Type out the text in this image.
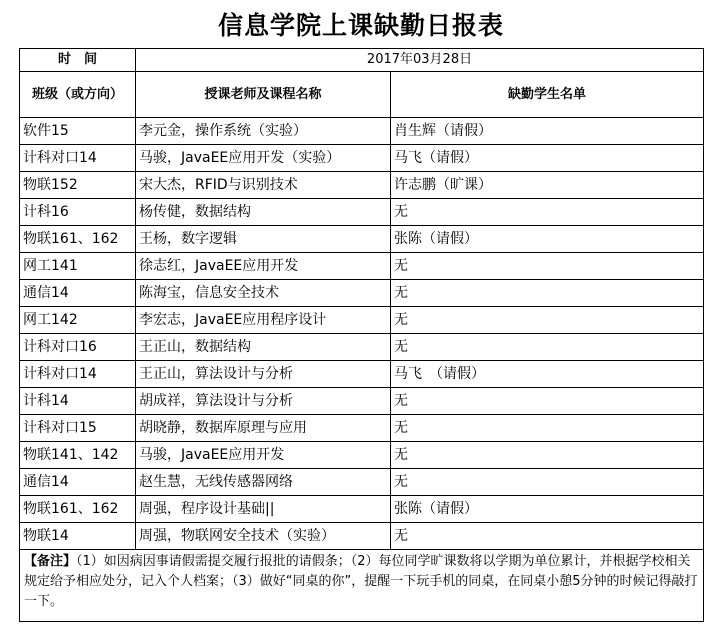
信息学院上课缺勤日报表
时　间	2017年03月28日	
班级（或方向）	授课老师及课程名称	缺勤学生名单
软件15	李元金，操作系统（实验）	肖生辉（请假）
计科对口14	马骏，JavaEE应用开发（实验）	马飞（请假）
物联152	宋大杰，RFID与识别技术	许志鹏（旷课）
计科16	杨传健，数据结构	无
物联161、162	王杨，数字逻辑	张陈（请假）
网工141	徐志红，JavaEE应用开发	无
通信14	陈海宝，信息安全技术	无
网工142	李宏志，JavaEE应用程序设计	无
计科对口16	王正山，数据结构	无
计科对口14	王正山，算法设计与分析	马飞　（请假）
计科14	胡成祥，算法设计与分析	无
计科对口15	胡晓静，数据库原理与应用	无
物联141、142	马骏，JavaEE应用开发	无
通信14	赵生慧，无线传感器网络	无
物联161、162	周强，程序设计基础||	张陈（请假）
物联14	周强，物联网安全技术（实验）	无
【备注】（1）如因病因事请假需提交履行报批的请假条；（2）每位同学旷课数将以学期为单位累计，并根据学校相关规定给予相应处分，记入个人档案；（3）做好“同桌的你”，提醒一下玩手机的同桌，在同桌小憩5分钟的时候记得敲打一下。		
